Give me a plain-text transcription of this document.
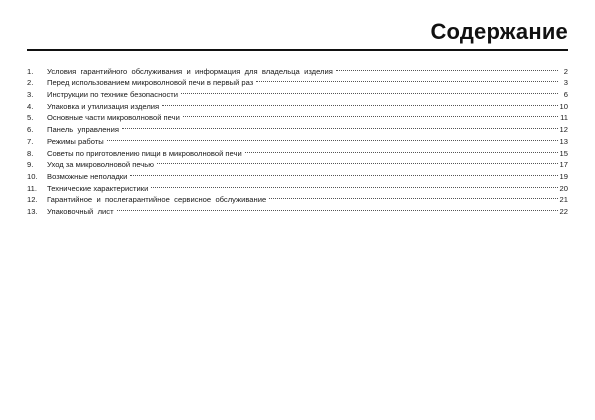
Содержание
1.	Условия гарантийного обслуживания и информация для владельца изделия	2
2.	Перед использованием микроволновой печи в первый раз	3
3.	Инструкции по технике безопасности	6
4.	Упаковка и утилизация изделия	10
5.	Основные части микроволновой печи	11
6.	Панель управления	12
7.	Режимы работы	13
8.	Советы по приготовлению пищи в микроволновой печи	15
9.	Уход за микроволновой печью	17
10.	Возможные неполадки	19
11.	Технические характеристики	20
12.	Гарантийное и послегарантийное сервисное обслуживание	21
13.	Упаковочный лист	22
